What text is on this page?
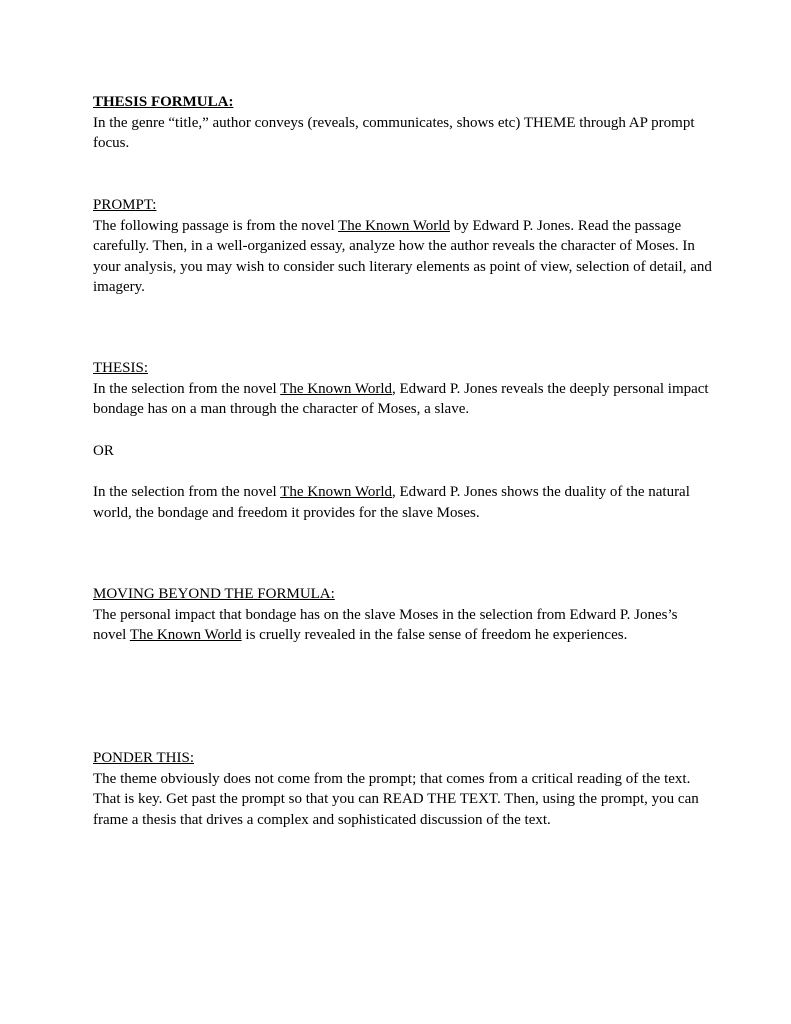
THESIS FORMULA:

In the genre “title,” author conveys (reveals, communicates, shows etc) THEME through AP prompt focus.

PROMPT:

The following passage is from the novel The Known World by Edward P. Jones. Read the passage carefully. Then, in a well-organized essay, analyze how the author reveals the character of Moses. In your analysis, you may wish to consider such literary elements as point of view, selection of detail, and imagery.

THESIS:

In the selection from the novel The Known World, Edward P. Jones reveals the deeply personal impact bondage has on a man through the character of Moses, a slave.

OR

In the selection from the novel The Known World, Edward P. Jones shows the duality of the natural world, the bondage and freedom it provides for the slave Moses.

MOVING BEYOND THE FORMULA:

The personal impact that bondage has on the slave Moses in the selection from Edward P. Jones’s novel The Known World is cruelly revealed in the false sense of freedom he experiences.

PONDER THIS:

The theme obviously does not come from the prompt; that comes from a critical reading of the text. That is key. Get past the prompt so that you can READ THE TEXT. Then, using the prompt, you can frame a thesis that drives a complex and sophisticated discussion of the text.
